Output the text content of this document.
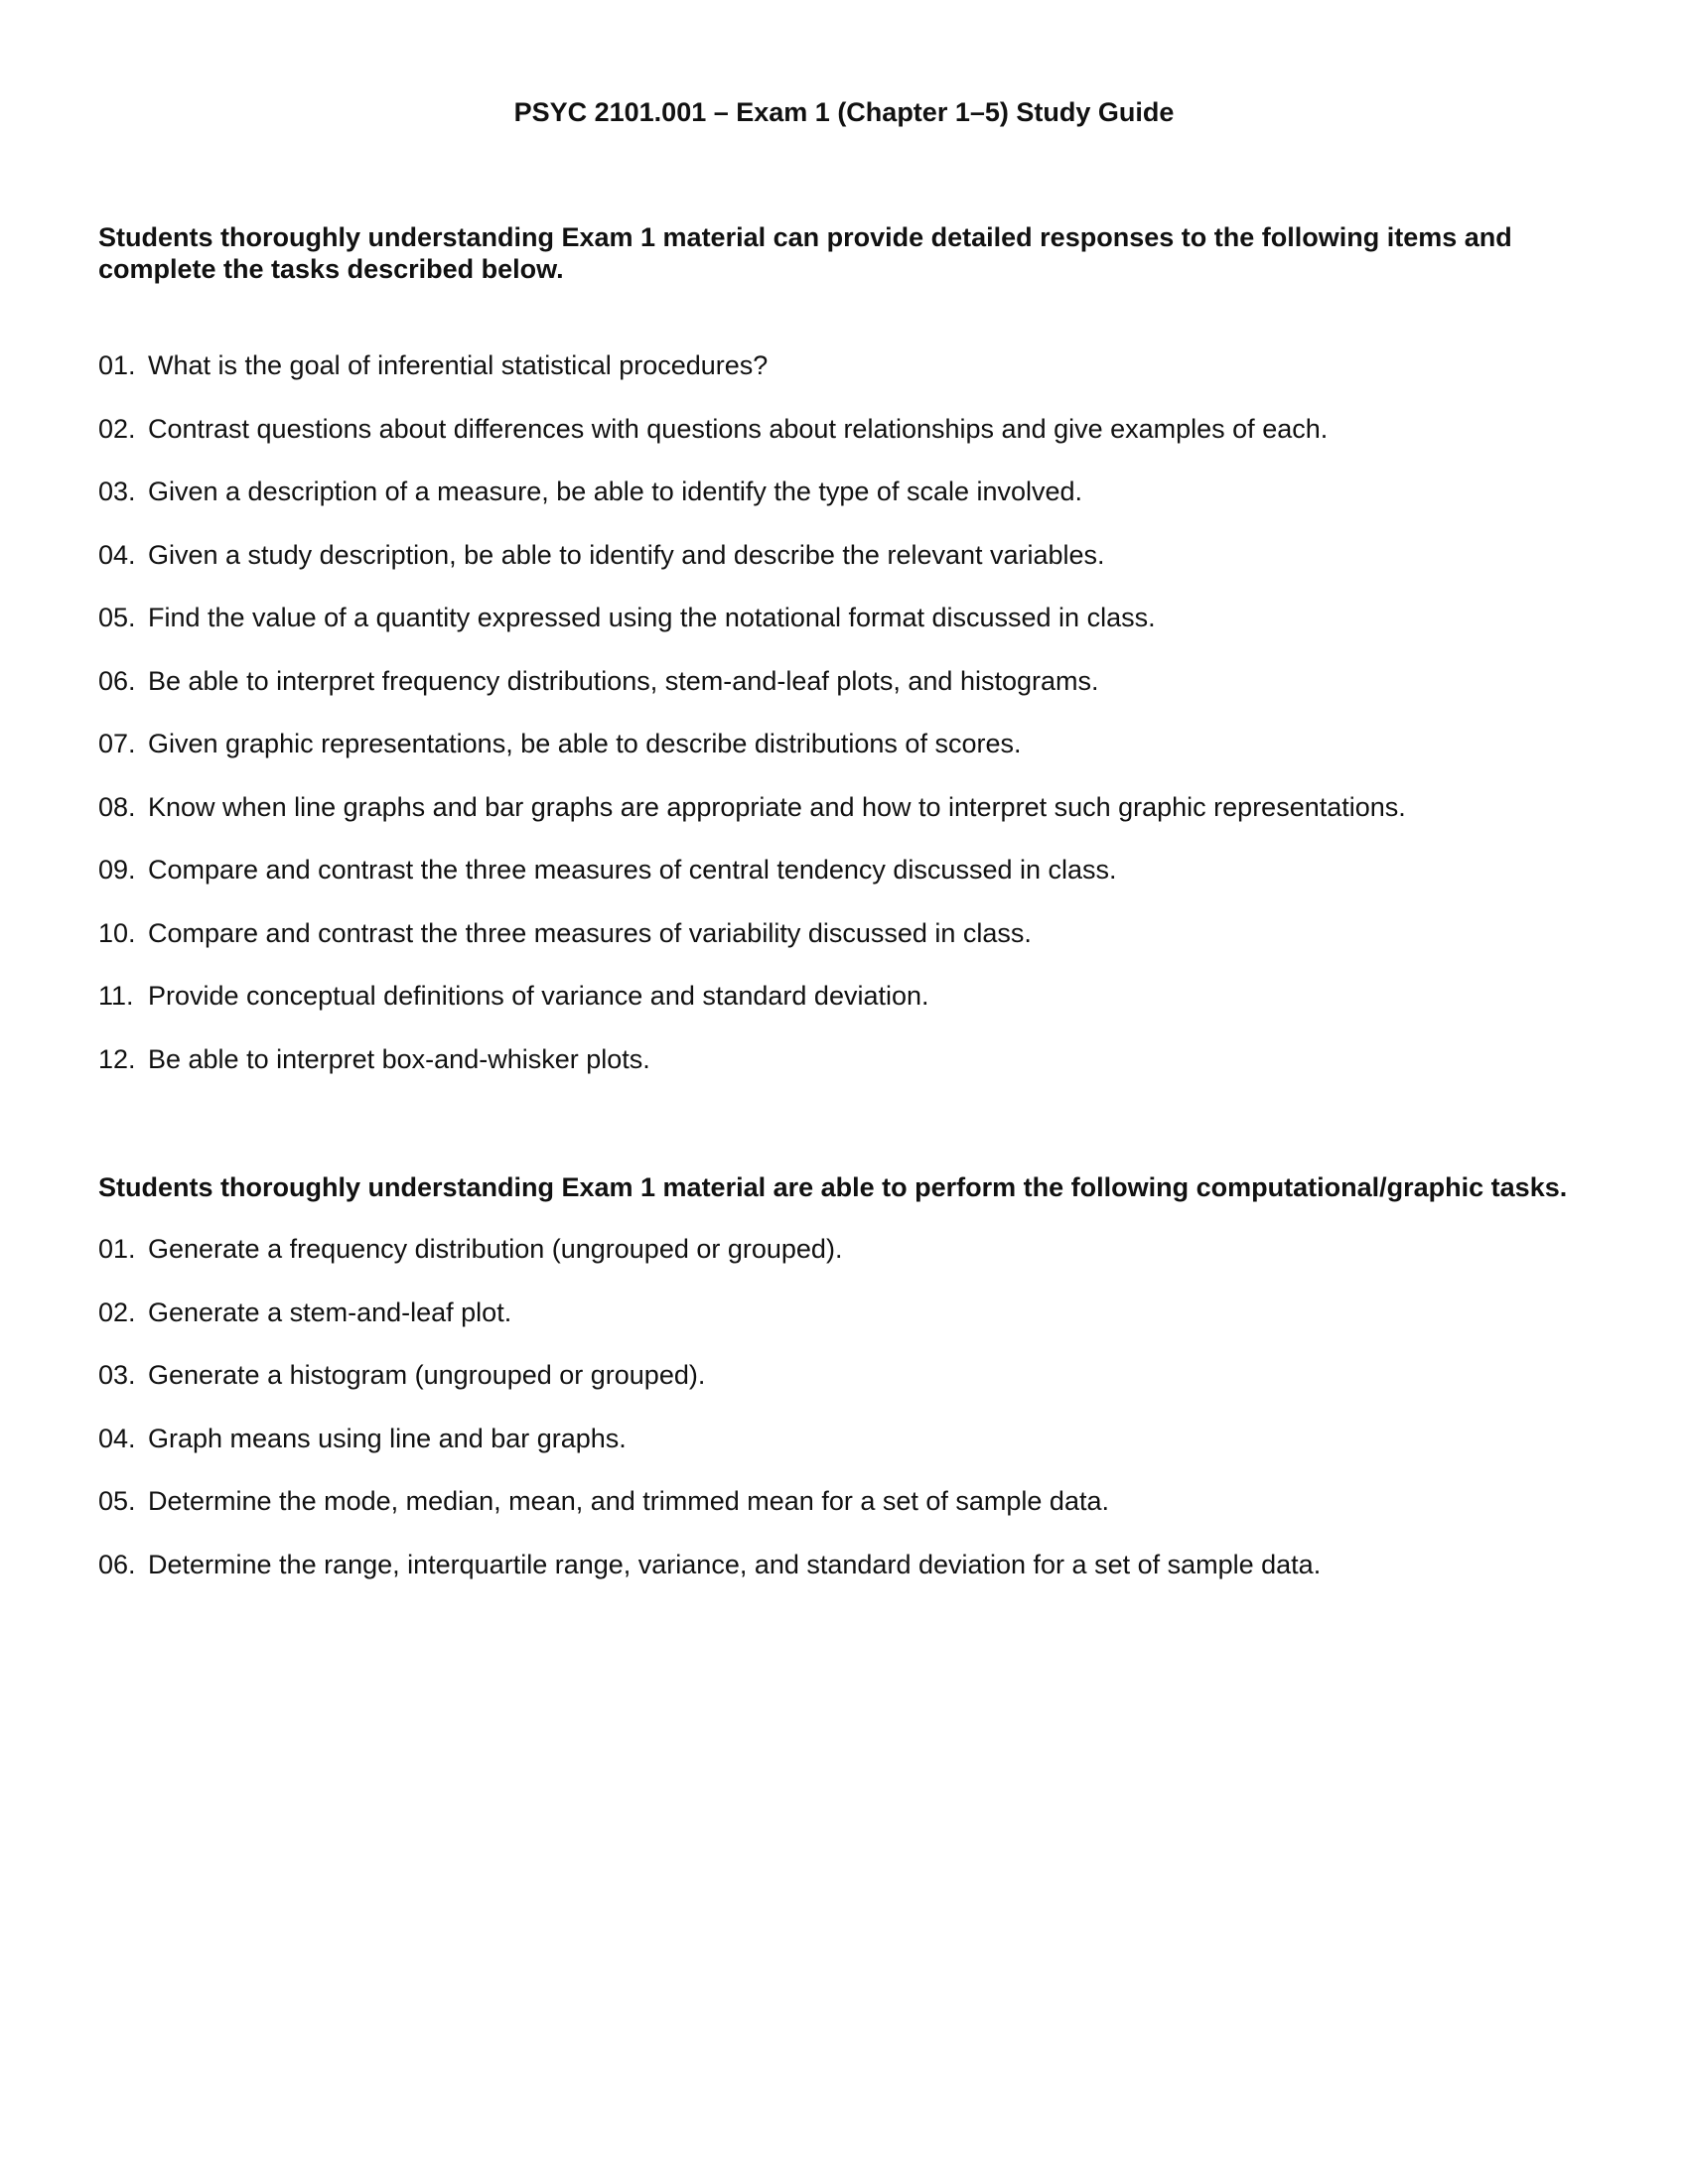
PSYC 2101.001 – Exam 1 (Chapter 1–5) Study Guide

Students thoroughly understanding Exam 1 material can provide detailed responses to the following items and complete the tasks described below.

01. What is the goal of inferential statistical procedures?
02. Contrast questions about differences with questions about relationships and give examples of each.
03. Given a description of a measure, be able to identify the type of scale involved.
04. Given a study description, be able to identify and describe the relevant variables.
05. Find the value of a quantity expressed using the notational format discussed in class.
06. Be able to interpret frequency distributions, stem-and-leaf plots, and histograms.
07. Given graphic representations, be able to describe distributions of scores.
08. Know when line graphs and bar graphs are appropriate and how to interpret such graphic representations.
09. Compare and contrast the three measures of central tendency discussed in class.
10. Compare and contrast the three measures of variability discussed in class.
11. Provide conceptual definitions of variance and standard deviation.
12. Be able to interpret box-and-whisker plots.

Students thoroughly understanding Exam 1 material are able to perform the following computational/graphic tasks.

01. Generate a frequency distribution (ungrouped or grouped).
02. Generate a stem-and-leaf plot.
03. Generate a histogram (ungrouped or grouped).
04. Graph means using line and bar graphs.
05. Determine the mode, median, mean, and trimmed mean for a set of sample data.
06. Determine the range, interquartile range, variance, and standard deviation for a set of sample data.
